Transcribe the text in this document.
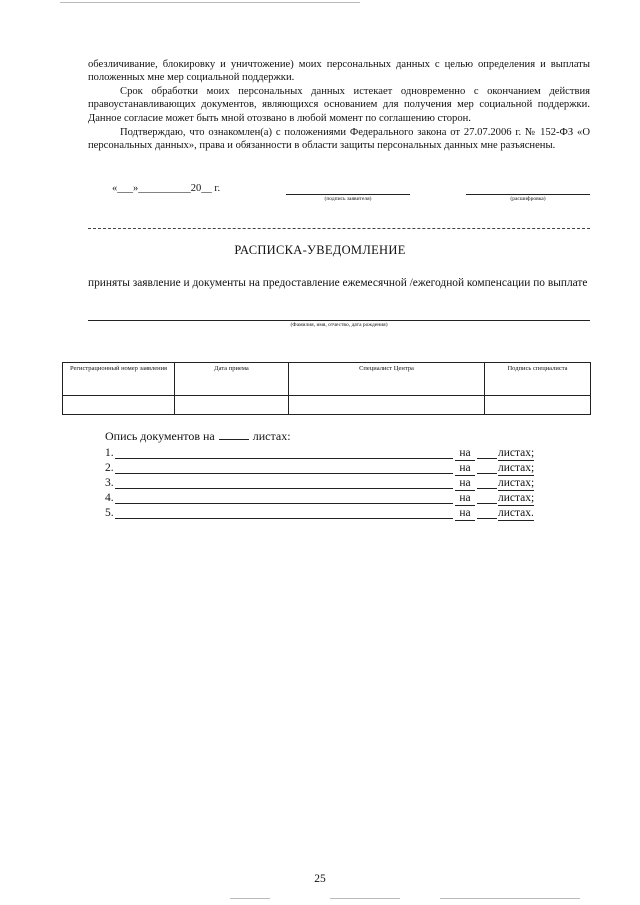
обезличивание, блокировку и уничтожение) моих персональных данных с целью определения и выплаты положенных мне мер социальной поддержки.

Срок обработки моих персональных данных истекает одновременно с окончанием действия правоустанавливающих документов, являющихся основанием для получения мер социальной поддержки. Данное согласие может быть мной отозвано в любой момент по соглашению сторон.

Подтверждаю, что ознакомлен(а) с положениями Федерального закона от 27.07.2006 г. № 152-ФЗ «О персональных данных», права и обязанности в области защиты персональных данных мне разъяснены.

«___»__________20__ г.
(подпись заявителя)	(расшифровка)
РАСПИСКА-УВЕДОМЛЕНИЕ

приняты заявление и документы на предоставление ежемесячной /ежегодной компенсации по выплате

(Фамилия, имя, отчество, дата рождения)
Регистрационный номер заявления	Дата приема	Специалист Центра	Подпись специалиста

Опись документов на	листах:
1.	на	листах;
2.	на	листах;
3.	на	листах;
4.	на	листах;
5.	на	листах.
25
